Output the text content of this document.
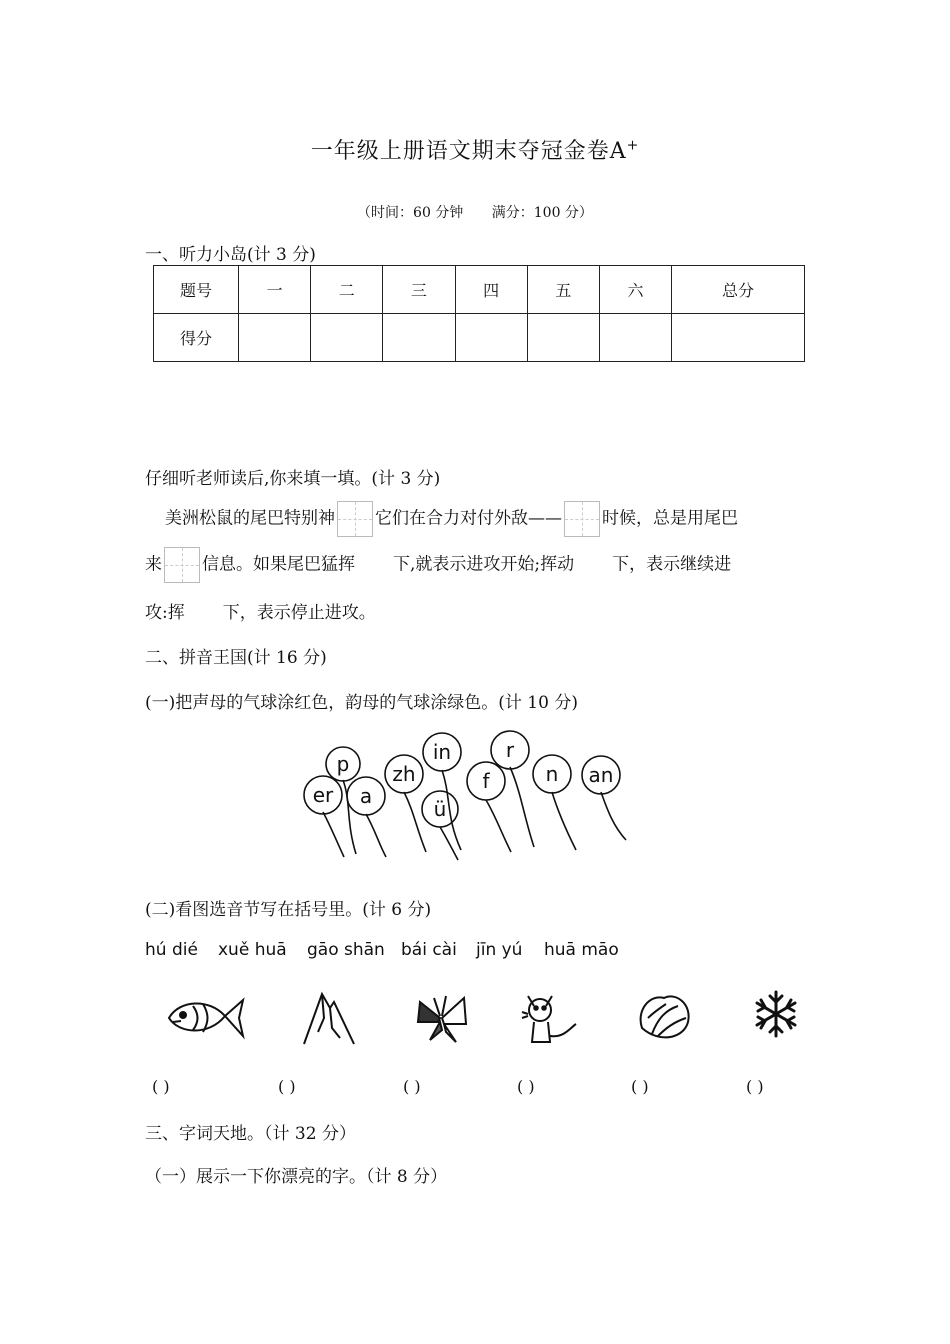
一年级上册语文期末夺冠金卷A+
（时间：60 分钟 满分：100 分）
一、听力小岛(计 3 分)
题号	一	二	三	四	五	六	总分
得分							
仔细听老师读后,你来填一填。(计 3 分)
美洲松鼠的尾巴特别神 它们在合力对付外敌—— 时候，总是用尾巴
来 信息。如果尾巴猛挥 下,就表示进攻开始;挥动 下，表示继续进
攻:挥 下，表示停止进攻。
二、拼音王国(计 16 分)
(一)把声母的气球涂红色，韵母的气球涂绿色。(计 10 分)
p
er a
zh
in
ü
f
r
n an
(二)看图选音节写在括号里。(计 6 分)
hú dié xuě huā gāo shān bái cài jīn yú huā māo
( )	( )	( )	( )	( )	( )
三、字词天地。（计 32 分）
（一）展示一下你漂亮的字。（计 8 分）
